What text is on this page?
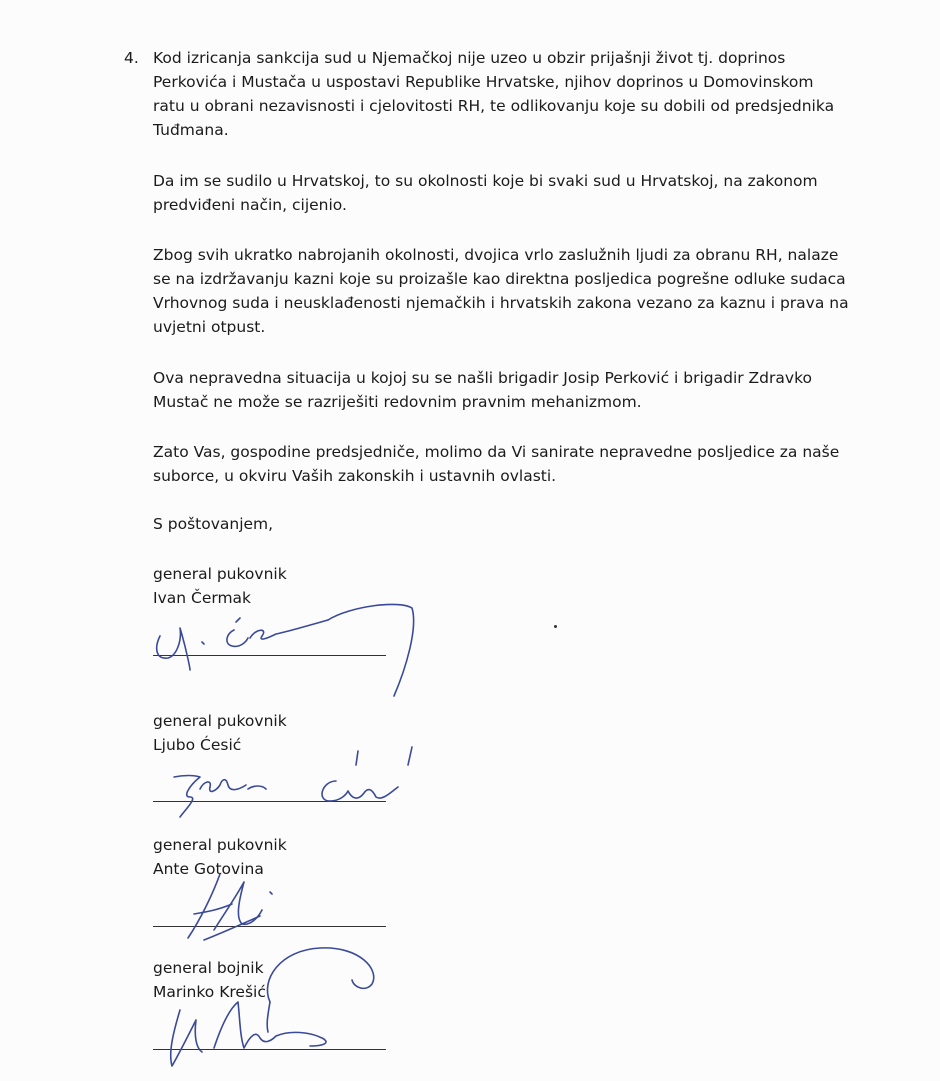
4. Kod izricanja sankcija sud u Njemačkoj nije uzeo u obzir prijašnji život tj. doprinos
Perkovića i Mustača u uspostavi Republike Hrvatske, njihov doprinos u Domovinskom
ratu u obrani nezavisnosti i cjelovitosti RH, te odlikovanju koje su dobili od predsjednika
Tuđmana.

Da im se sudilo u Hrvatskoj, to su okolnosti koje bi svaki sud u Hrvatskoj, na zakonom
predviđeni način, cijenio.

Zbog svih ukratko nabrojanih okolnosti, dvojica vrlo zaslužnih ljudi za obranu RH, nalaze
se na izdržavanju kazni koje su proizašle kao direktna posljedica pogrešne odluke sudaca
Vrhovnog suda i neusklađenosti njemačkih i hrvatskih zakona vezano za kaznu i prava na
uvjetni otpust.

Ova nepravedna situacija u kojoj su se našli brigadir Josip Perković i brigadir Zdravko
Mustač ne može se razriješiti redovnim pravnim mehanizmom.

Zato Vas, gospodine predsjedniče, molimo da Vi sanirate nepravedne posljedice za naše
suborce, u okviru Vaših zakonskih i ustavnih ovlasti.

S poštovanjem,

general pukovnik
Ivan Čermak
general pukovnik
Ljubo Ćesić
general pukovnik
Ante Gotovina
general bojnik
Marinko Krešić
